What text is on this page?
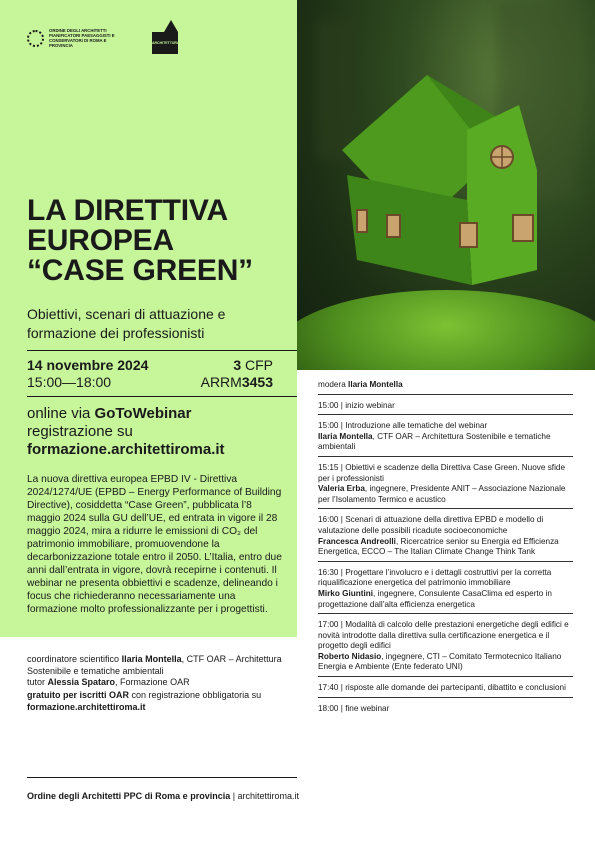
ORDINE DEGLI ARCHITETTI PIANIFICATORI PAESAGGISTI E CONSERVATORI DI ROMA E PROVINCIA	ARCHITETTURA
LA DIRETTIVA
EUROPEA
“CASE GREEN”
Obiettivi, scenari di attuazione e formazione dei professionisti
14 novembre 2024
15:00—18:00
3 CFP
ARRM3453
online via GoToWebinar
registrazione su
formazione.architettiroma.it
La nuova direttiva europea EPBD IV - Direttiva 2024/1274/UE (EPBD – Energy Performance of Building Directive), cosiddetta “Case Green”, pubblicata l’8 maggio 2024 sulla GU dell’UE, ed entrata in vigore il 28 maggio 2024, mira a ridurre le emissioni di CO₂ del patrimonio immobiliare, promuovendone la decarbonizzazione totale entro il 2050. L’Italia, entro due anni dall’entrata in vigore, dovrà recepirne i contenuti. Il webinar ne presenta obbiettivi e scadenze, delineando i focus che richiederanno necessariamente una formazione molto professionalizzante per i progettisti.
coordinatore scientifico Ilaria Montella, CTF OAR – Architettura Sostenibile e tematiche ambientali
tutor Alessia Spataro, Formazione OAR
gratuito per iscritti OAR con registrazione obbligatoria su
formazione.architettiroma.it
Ordine degli Architetti PPC di Roma e provincia | architettiroma.it
modera Ilaria Montella
15:00 | inizio webinar
15:00 | Introduzione alle tematiche del webinar
Ilaria Montella, CTF OAR – Architettura Sostenibile e tematiche ambientali
15:15 | Obiettivi e scadenze della Direttiva Case Green. Nuove sfide per i professionisti
Valeria Erba, ingegnere, Presidente ANIT – Associazione Nazionale per l’Isolamento Termico e acustico
16:00 | Scenari di attuazione della direttiva EPBD e modello di valutazione delle possibili ricadute socioeconomiche
Francesca Andreolli, Ricercatrice senior su Energia ed Efficienza Energetica, ECCO – The Italian Climate Change Think Tank
16:30 | Progettare l’involucro e i dettagli costruttivi per la corretta riqualificazione energetica del patrimonio immobiliare
Mirko Giuntini, ingegnere, Consulente CasaClima ed esperto in progettazione dall’alta efficienza energetica
17:00 | Modalità di calcolo delle prestazioni energetiche degli edifici e novità introdotte dalla direttiva sulla certificazione energetica e il progetto degli edifici
Roberto Nidasio, ingegnere, CTI – Comitato Termotecnico Italiano Energia e Ambiente (Ente federato UNI)
17:40 | risposte alle domande dei partecipanti, dibattito e conclusioni
18:00 | fine webinar
